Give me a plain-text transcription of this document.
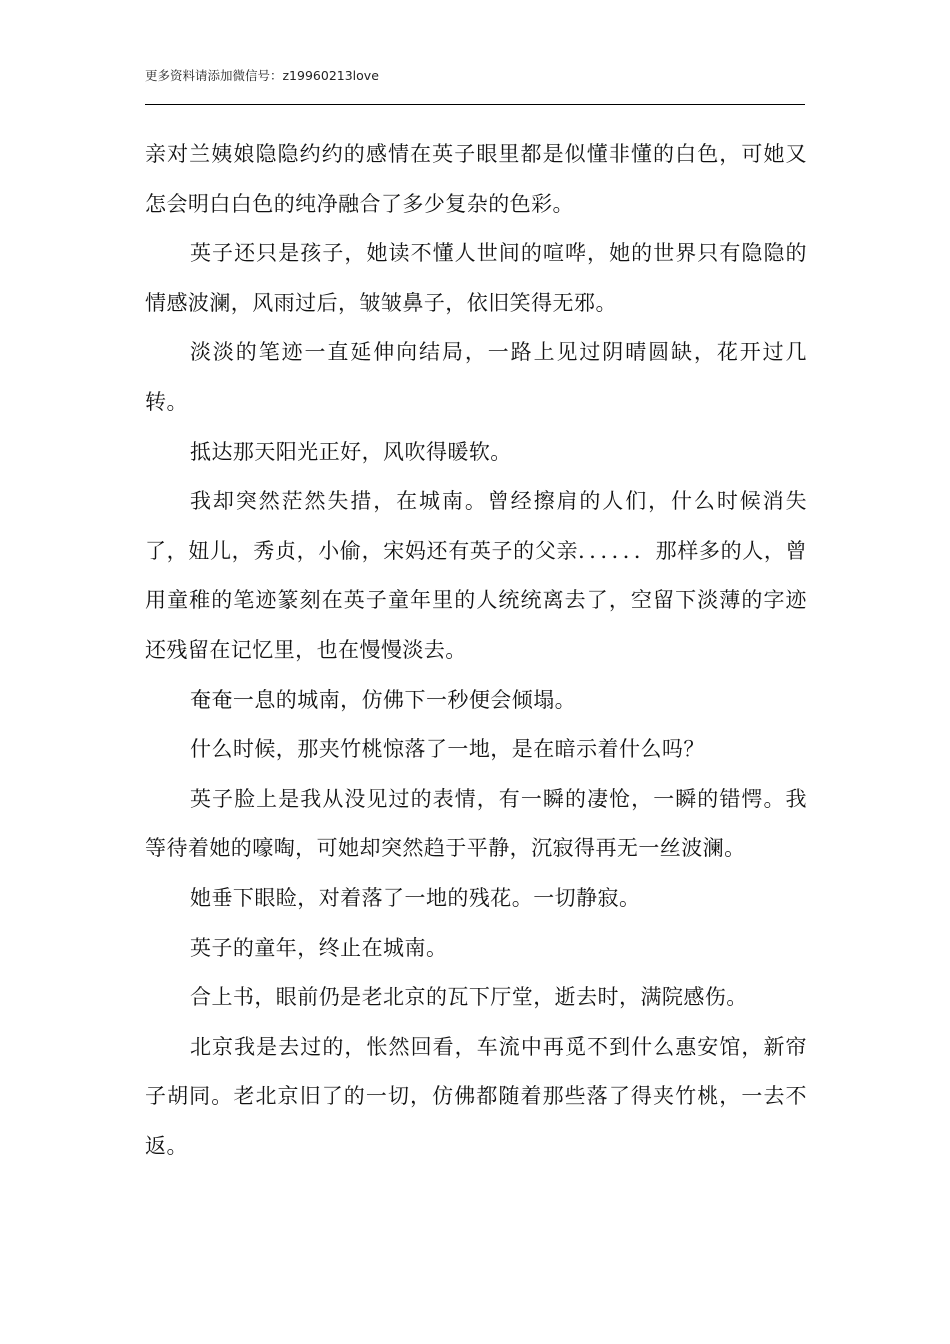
更多资料请添加微信号：z19960213love

亲对兰姨娘隐隐约约的感情在英子眼里都是似懂非懂的白色，可她又怎会明白白色的纯净融合了多少复杂的色彩。

英子还只是孩子，她读不懂人世间的喧哗，她的世界只有隐隐的情感波澜，风雨过后，皱皱鼻子，依旧笑得无邪。

淡淡的笔迹一直延伸向结局，一路上见过阴晴圆缺，花开过几转。

抵达那天阳光正好，风吹得暖软。

我却突然茫然失措，在城南。曾经擦肩的人们，什么时候消失了，妞儿，秀贞，小偷，宋妈还有英子的父亲．．．．．．那样多的人，曾用童稚的笔迹篆刻在英子童年里的人统统离去了，空留下淡薄的字迹还残留在记忆里，也在慢慢淡去。

奄奄一息的城南，仿佛下一秒便会倾塌。

什么时候，那夹竹桃惊落了一地，是在暗示着什么吗？

英子脸上是我从没见过的表情，有一瞬的凄怆，一瞬的错愕。我等待着她的嚎啕，可她却突然趋于平静，沉寂得再无一丝波澜。

她垂下眼睑，对着落了一地的残花。一切静寂。

英子的童年，终止在城南。

合上书，眼前仍是老北京的瓦下厅堂，逝去时，满院感伤。

北京我是去过的，怅然回看，车流中再觅不到什么惠安馆，新帘子胡同。老北京旧了的一切，仿佛都随着那些落了得夹竹桃，一去不返。
